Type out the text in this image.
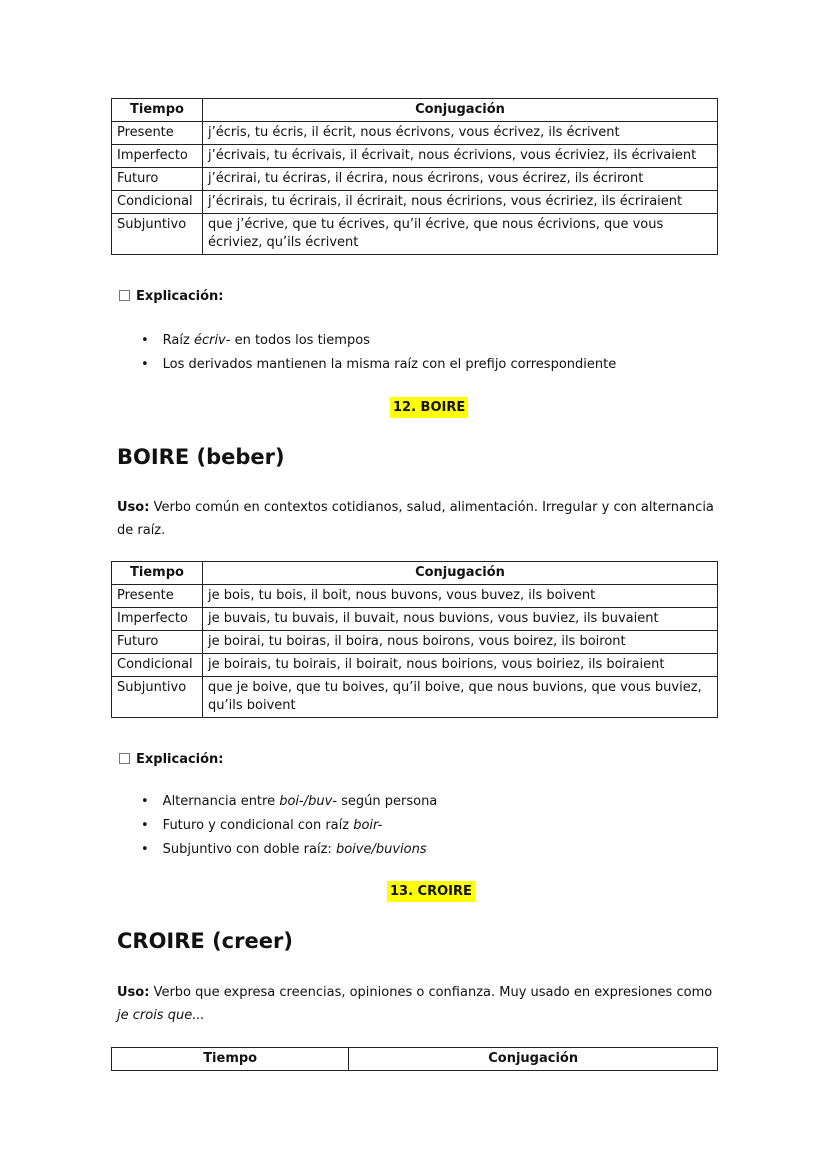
Tiempo	Conjugación
Presente	j’écris, tu écris, il écrit, nous écrivons, vous écrivez, ils écrivent
Imperfecto	j’écrivais, tu écrivais, il écrivait, nous écrivions, vous écriviez, ils écrivaient
Futuro	j’écrirai, tu écriras, il écrira, nous écrirons, vous écrirez, ils écriront
Condicional	j’écrirais, tu écrirais, il écrirait, nous écririons, vous écririez, ils écriraient
Subjuntivo	que j’écrive, que tu écrives, qu’il écrive, que nous écrivions, que vous écriviez, qu’ils écrivent
Explicación:
• Raíz écriv- en todos los tiempos
• Los derivados mantienen la misma raíz con el prefijo correspondiente
12. BOIRE
BOIRE (beber)
Uso: Verbo común en contextos cotidianos, salud, alimentación. Irregular y con alternancia de raíz.
Tiempo	Conjugación
Presente	je bois, tu bois, il boit, nous buvons, vous buvez, ils boivent
Imperfecto	je buvais, tu buvais, il buvait, nous buvions, vous buviez, ils buvaient
Futuro	je boirai, tu boiras, il boira, nous boirons, vous boirez, ils boiront
Condicional	je boirais, tu boirais, il boirait, nous boirions, vous boiriez, ils boiraient
Subjuntivo	que je boive, que tu boives, qu’il boive, que nous buvions, que vous buviez, qu’ils boivent
Explicación:
• Alternancia entre boi-/buv- según persona
• Futuro y condicional con raíz boir-
• Subjuntivo con doble raíz: boive/buvions
13. CROIRE
CROIRE (creer)
Uso: Verbo que expresa creencias, opiniones o confianza. Muy usado en expresiones como je crois que...
Tiempo	Conjugación
